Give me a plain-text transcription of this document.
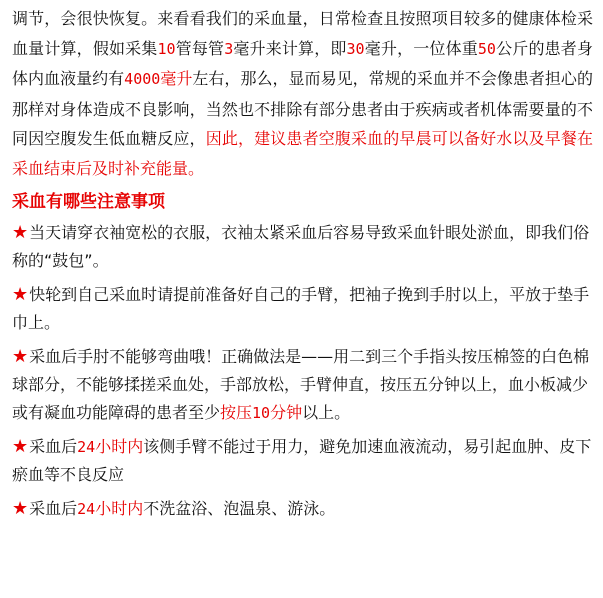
调节，会很快恢复。来看看我们的采血量，日常检查且按照项目较多的健康体检采血量计算，假如采集10管每管3毫升来计算，即30毫升，一位体重50公斤的患者身体内血液量约有4000毫升左右，那么，显而易见，常规的采血并不会像患者担心的那样对身体造成不良影响，当然也不排除有部分患者由于疾病或者机体需要量的不同因空腹发生低血糖反应，因此，建议患者空腹采血的早晨可以备好水以及早餐在采血结束后及时补充能量。

采血有哪些注意事项

★当天请穿衣袖宽松的衣服，衣袖太紧采血后容易导致采血针眼处淤血，即我们俗称的“鼓包”。

★快轮到自己采血时请提前准备好自己的手臂，把袖子挽到手肘以上，平放于垫手巾上。

★采血后手肘不能够弯曲哦！正确做法是——用二到三个手指头按压棉签的白色棉球部分，不能够揉搓采血处，手部放松，手臂伸直，按压五分钟以上，血小板减少或有凝血功能障碍的患者至少按压10分钟以上。

★采血后24小时内该侧手臂不能过于用力，避免加速血液流动，易引起血肿、皮下瘀血等不良反应

★采血后24小时内不洗盆浴、泡温泉、游泳。
